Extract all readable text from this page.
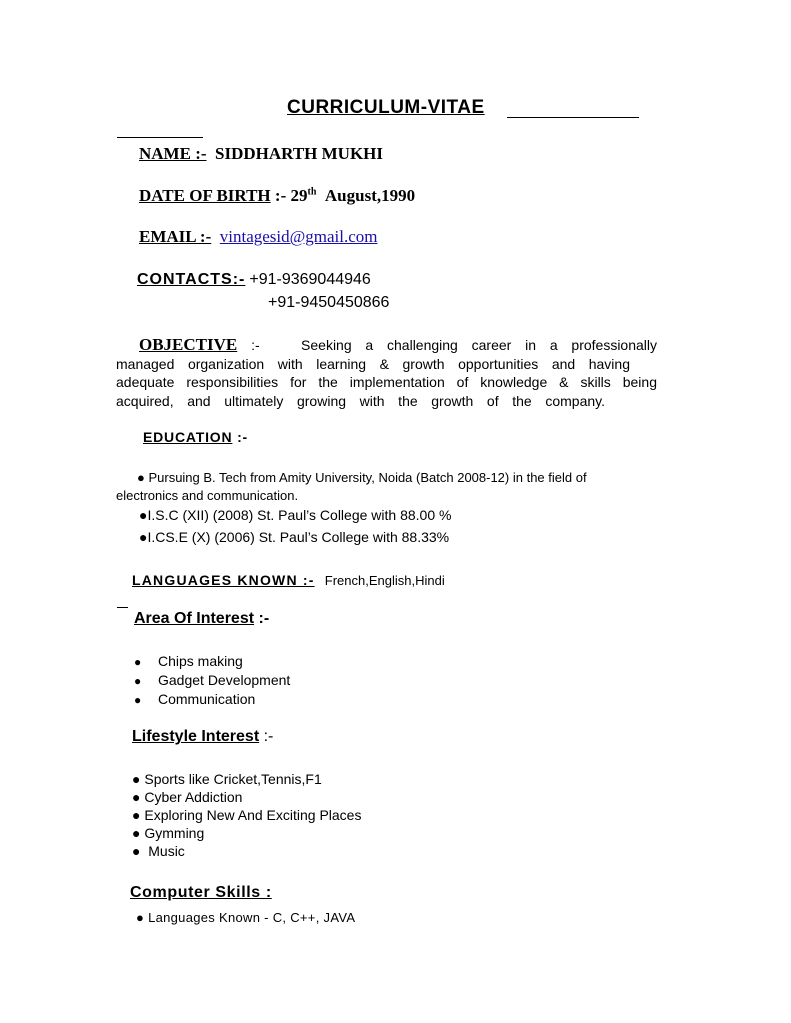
CURRICULUM-VITAE
NAME :- SIDDHARTH MUKHI
DATE OF BIRTH :- 29th August,1990
EMAIL :- vintagesid@gmail.com
CONTACTS:- +91-9369044946
+91-9450450866
OBJECTIVE :-	Seeking a challenging career in a professionally
managed organization with learning & growth opportunities and having
adequate responsibilities for the implementation of knowledge & skills being
acquired, and ultimately growing with the growth of the company.
EDUCATION :-
● Pursuing B. Tech from Amity University, Noida (Batch 2008-12) in the field of electronics and communication.
●I.S.C (XII) (2008) St. Paul’s College with 88.00 %
●I.CS.E (X) (2006) St. Paul’s College with 88.33%
LANGUAGES KNOWN :- French,English,Hindi
Area Of Interest :-
● Chips making
● Gadget Development
● Communication
Lifestyle Interest :-
● Sports like Cricket,Tennis,F1
● Cyber Addiction
● Exploring New And Exciting Places
● Gymming
● Music
Computer Skills :
● Languages Known - C, C++, JAVA
